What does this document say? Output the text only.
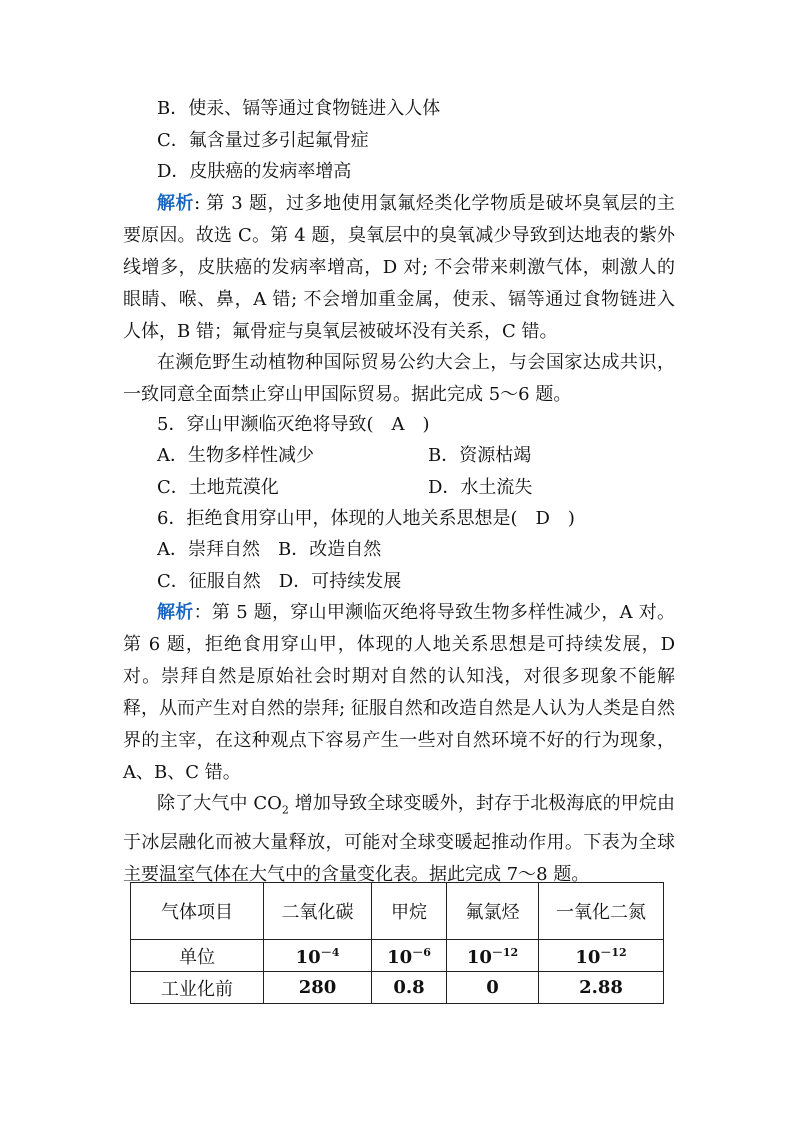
B．使汞、镉等通过食物链进入人体
C．氟含量过多引起氟骨症
D．皮肤癌的发病率增高
解析: 第 3 题，过多地使用氯氟烃类化学物质是破坏臭氧层的主要原因。故选 C。第 4 题，臭氧层中的臭氧减少导致到达地表的紫外线增多，皮肤癌的发病率增高，D 对; 不会带来刺激气体，刺激人的眼睛、喉、鼻，A 错; 不会增加重金属，使汞、镉等通过食物链进入人体，B 错；氟骨症与臭氧层被破坏没有关系，C 错。
在濒危野生动植物种国际贸易公约大会上，与会国家达成共识，一致同意全面禁止穿山甲国际贸易。据此完成 5～6 题。
5．穿山甲濒临灭绝将导致(　A　)
A．生物多样性减少	B．资源枯竭
C．土地荒漠化	D．水土流失
6．拒绝食用穿山甲，体现的人地关系思想是(　D　)
A．崇拜自然　B．改造自然
C．征服自然　D．可持续发展
解析：第 5 题，穿山甲濒临灭绝将导致生物多样性减少，A 对。第 6 题，拒绝食用穿山甲，体现的人地关系思想是可持续发展，D 对。崇拜自然是原始社会时期对自然的认知浅，对很多现象不能解释，从而产生对自然的崇拜; 征服自然和改造自然是人认为人类是自然界的主宰，在这种观点下容易产生一些对自然环境不好的行为现象，A、B、C 错。
除了大气中 $CO_2$ 增加导致全球变暖外，封存于北极海底的甲烷由于冰层融化而被大量释放，可能对全球变暖起推动作用。下表为全球主要温室气体在大气中的含量变化表。据此完成 7～8 题。
气体项目	二氧化碳	甲烷	氟氯烃	一氧化二氮
单位	$10^{-4}$	$10^{-6}$	$10^{-12}$	$10^{-12}$
工业化前	280	0.8	0	2.88
